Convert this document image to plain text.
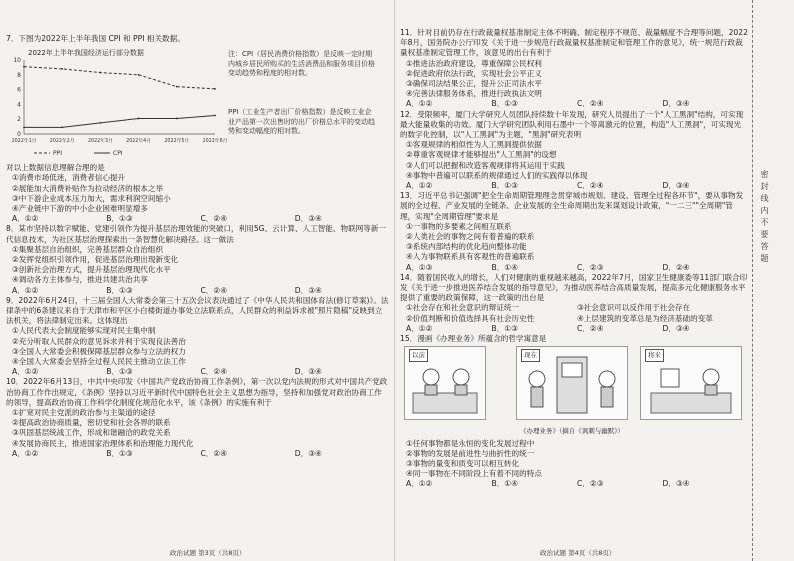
密封线内不要答题
7．下图为2022年上半年我国 CPI 和 PPI 相关数据。
2022年上半年我国经济运行部分数据
0
2
4
6
8
10
2022年1月	2022年2月	2022年3月	2022年4月	2022年5月	2022年6月
PPI	CPI
注：CPI（居民消费价格指数）是反映一定时期内城乡居民所购买的生活消费品和服务项目价格变动趋势和程度的相对数。
PPI（工业生产者出厂价格指数）是反映工业企业产品第一次出售时的出厂价格总水平的变动趋势和变动幅度的相对数。
对以上数据信息理解合理的是
①消费市场低迷，消费者信心提升
②展能加大消费补贴作为拉动经济的根本之举
③中下游企业成本压力加大，需求利润空间缩小
④产业链中下游的中小企业困难明显增多
A．①②	B．①③	C．②④	D．③④
8．某市坚持以数字赋能、党建引领作为提升基层治理效能的突破口，利用5G、云计算、人工智能、物联网等新一代信息技术，为社区基层治理探索出一条智慧化解决路径。这一做法
①集聚基层自治组织，完善基层群众自治组织
②发挥党组织引领作用，促进基层治理出现新变化
③创新社会治理方式，提升基层治理现代化水平
④调动各方主体参与，推进共建共治共享
A．①②	B．①③	C．②④	D．③④
9．2022年6月24日，十三届全国人大常委会第三十五次会议表决通过了《中华人民共和国体育法(修订草案)》。法律条中的6条建议来自于天津市和平区小白楼街道办事处立法联系点，人民群众的利益诉求被"照片隐稿"反映到立法机关，将法律制定出来。这体现出
①人民代表大会制度能够实现对民主集中制
②充分听取人民群众的意见诉求并利于实现良法善治
③全国人大常委会积极保障基层群众参与立法的权力
④全国人大常委会坚持全过程人民民主推动立法工作
A．①②	B．①③	C．②④	D．③④
10．2022年6月13日，中共中央印发《中国共产党政治协商工作条例》，第一次以党内法规的形式对中国共产党政治协商工作作出规定，《条例》坚持以习近平新时代中国特色社会主义思想为指导，坚持和加强党对政治协商工作的领导，提高政治协商工作科学化制度化规范化水平，该《条例》的实施有利于
①扩宽对民主党派的政治参与主渠道的途径
②提高政治协商质量，密切党和社会各界的联系
③巩固基层统战工作，形成和谐融洽的政党关系
④发展协商民主，推进国家治理体系和治理能力现代化
A．①②	B．①③	C．②④	D．③④
政治试题 第3页（共8页）
11．针对目前仍存在行政裁量权基准制定主体不明确、制定程序不规范、裁量幅度不合理等问题，2022年8月，国务院办公厅印发《关于进一步规范行政裁量权基准制定和管理工作的意见》，统一规范行政裁量权基准制定管理工作，该意见的出台有利于
①推进法治政府建设，尊重保障公民权利
②促进政府依法行政，实现社会公平正义
③确保司法结果公正，提升公正司法水平
④完善法律服务体系，推进行政执法文明
A．①②	B．①③	C．②④	D．③④
12．受限频率，厦门大学研究人员团队持续数十年发现，研究人员提出了一个"人工黑洞"结构，可实现最大能量收集的功效。厦门大学研究团队利用石墨中一个等离激元的位置，构造"人工黑洞"，可实现光的数字化控制，以"人工黑洞"为主题，"黑洞"研究表明
①客观规律的相似性为人工黑洞提供依据
②尊重客观规律才能够提出"人工黑洞"的设想
③人们可以把握和改造客观规律将其运用于实践
④事物中普遍可以联系的规律通过人们的实践得以体现
A．①②	B．①③	C．②④	D．③④
13．习近平总书记强调"把全生命周期管理理念贯穿城市规划、建设、管理全过程各环节"，要从事物发展的全过程、产业发展的全链条、企业发展的全生命周期出发来谋划设计政策，"一二三""全周期"管理，实现"全周期管理"要求是
①一事物的多要素之间相互联系
②人类社会的事物之间有着普遍的联系
③系统内部结构的优化趋向整体功能
④人为事物联系具有客观性的普遍联系
A．①③	B．①④	C．②③	D．②④
14．随着国民收入的增长，人们对健康的重视越来越高，2022年7月，国家卫生健康委等11部门联合印发《关于进一步推进医养结合发展的指导意见》，为推动医养结合高质量发展，提高多元化健康服务水平提供了重要的政策保障，这一政策的出台是
①社会存在和社会意识的辩证统一	③社会意识可以反作用于社会存在
②价值判断和价值选择具有社会历史性	④上层建筑的变革总是为经济基础的变革
A．①②	B．①③	C．②④	D．③④
15．漫画《办理业务》所蕴含的哲学寓意是
以前	现在	将来
《办理业务》（摘自《讽刺与幽默》）
①任何事物都是永恒的变化发展过程中
②事物的发展是前进性与曲折性的统一
③事物的量变和质变可以相互转化
④同一事物在不同阶段上有着不同的特点
A．①②	B．①④	C．②③	D．③④
政治试题 第4页（共8页）
